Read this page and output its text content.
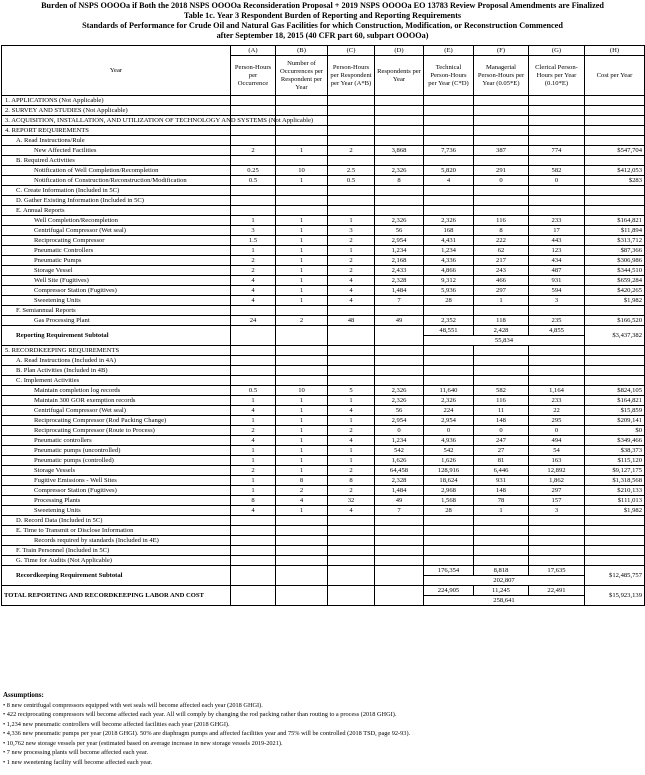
Burden of NSPS OOOOa if Both the 2018 NSPS OOOOa Reconsideration Proposal + 2019 NSPS OOOOa EO 13783 Review Proposal Amendments are Finalized
Table 1c. Year 3 Respondent Burden of Reporting and Reporting Requirements
Standards of Performance for Crude Oil and Natural Gas Facilities for which Construction, Modification, or Reconstruction Commenced
after September 18, 2015 (40 CFR part 60, subpart OOOOa)
Year	(A)	(B)	(C)	(D)	(E)	(F)	(G)	(H)
	Person-Hours per Occurrence	Number of Occurrences per Respondent per Year	Person-Hours per Respondent per Year (A*B)	Respondents per Year	Technical Person-Hours per Year (C*D)	Managerial Person-Hours per Year (0.05*E)	Clerical Person-Hours per Year (0.10*E)	Cost per Year
1. APPLICATIONS (Not Applicable)								
2. SURVEY AND STUDIES (Not Applicable)								
3. ACQUISITION, INSTALLATION, AND UTILIZATION OF TECHNOLOGY AND SYSTEMS (Not Applicable)								
4. REPORT REQUIREMENTS								
A. Read Instructions/Rule								
New Affected Facilities	2	1	2	3,868	7,736	387	774	$547,704
B. Required Activities								
Notification of Well Completion/Recompletion	0.25	10	2.5	2,326	5,820	291	582	$412,053
Notification of Construction/Reconstruction/Modification	0.5	1	0.5	8	4	0	0	$283
C. Create Information (Included in 5C)								
D. Gather Existing Information (Included in 5C)								
E. Annual Reports								
Well Completion/Recompletion	1	1	1	2,326	2,326	116	233	$164,821
Centrifugal Compressor (Wet seal)	3	1	3	56	168	8	17	$11,894
Reciprocating Compressor	1.5	1	2	2,954	4,431	222	443	$313,712
Pneumatic Controllers	1	1	1	1,234	1,234	62	123	$87,366
Pneumatic Pumps	2	1	2	2,168	4,336	217	434	$306,986
Storage Vessel	2	1	2	2,433	4,866	243	487	$344,510
Well Site (Fugitives)	4	1	4	2,328	9,312	466	931	$659,284
Compressor Station (Fugitives)	4	1	4	1,484	5,936	297	594	$420,265
Sweetening Units	4	1	4	7	28	1	3	$1,982
F. Semiannual Reports								
Gas Processing Plant	24	2	48	49	2,352	118	235	$166,520
Reporting Requirement Subtotal					48,551	2,428	4,855	$3,437,382
					55,834			
5. RECORDKEEPING REQUIREMENTS								
A. Read Instructions (Included in 4A)								
B. Plan Activities (Included in 4B)								
C. Implement Activities								
Maintain completion log records	0.5	10	5	2,326	11,640	582	1,164	$824,105
Maintain 300 GOR exemption records	1	1	1	2,326	2,326	116	233	$164,821
Centrifugal Compressor (Wet seal)	4	1	4	56	224	11	22	$15,859
Reciprocating Compressor (Rod Packing Change)	1	1	1	2,954	2,954	148	295	$209,141
Reciprocating Compressor (Route to Process)	2	1	2	0	0	0	0	$0
Pneumatic controllers	4	1	4	1,234	4,936	247	494	$349,466
Pneumatic pumps (uncontrolled)	1	1	1	542	542	27	54	$38,373
Pneumatic pumps (controlled)	1	1	1	1,626	1,626	81	163	$115,120
Storage Vessels	2	1	2	64,458	128,916	6,446	12,892	$9,127,175
Fugitive Emissions - Well Sites	1	8	8	2,328	18,624	931	1,862	$1,318,568
Compressor Station (Fugitives)	1	2	2	1,484	2,968	148	297	$210,133
Processing Plants	8	4	32	49	1,568	78	157	$111,013
Sweetening Units	4	1	4	7	28	1	3	$1,982
D. Record Data (Included in 5C)								
E. Time to Transmit or Disclose Information								
Records required by standards (Included in 4E)								
F. Train Personnel (Included in 5C)								
G. Time for Audits (Not Applicable)								
Recordkeeping Requirement Subtotal					176,354	8,818	17,635	$12,485,757
					202,807			
TOTAL REPORTING AND RECORDKEEPING LABOR AND COST					224,905	11,245	22,491	$15,923,139
					258,641			
Assumptions:
• 8 new centrifugal compressors equipped with wet seals will become affected each year (2018 GHGI).
• 422 reciprocating compressors will become affected each year. All will comply by changing the rod packing rather than routing to a process (2018 GHGI).
• 1,234 new pneumatic controllers will become affected facilities each year (2018 GHGI).
• 4,336 new pneumatic pumps per year (2018 GHGI). 50% are diaphragm pumps and affected facilities year and 75% will be controlled (2018 TSD, page 92-93).
• 10,762 new storage vessels per year (estimated based on average increase in new storage vessels 2019-2021).
• 7 new processing plants will become affected each year.
• 1 new sweetening facility will become affected each year.
